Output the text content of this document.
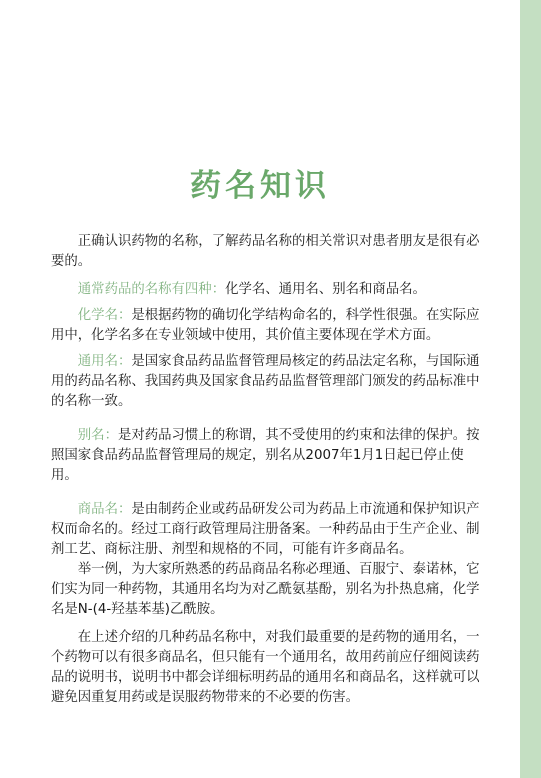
药名知识

正确认识药物的名称，了解药品名称的相关常识对患者朋友是很有必要的。

通常药品的名称有四种：化学名、通用名、别名和商品名。

化学名：是根据药物的确切化学结构命名的，科学性很强。在实际应用中，化学名多在专业领域中使用，其价值主要体现在学术方面。

通用名：是国家食品药品监督管理局核定的药品法定名称，与国际通用的药品名称、我国药典及国家食品药品监督管理部门颁发的药品标准中的名称一致。

别名：是对药品习惯上的称谓，其不受使用的约束和法律的保护。按照国家食品药品监督管理局的规定，别名从2007年1月1日起已停止使用。

商品名：是由制药企业或药品研发公司为药品上市流通和保护知识产权而命名的。经过工商行政管理局注册备案。一种药品由于生产企业、制剂工艺、商标注册、剂型和规格的不同，可能有许多商品名。

举一例，为大家所熟悉的药品商品名称必理通、百服宁、泰诺林，它们实为同一种药物，其通用名均为对乙酰氨基酚，别名为扑热息痛，化学名是N-(4-羟基苯基)乙酰胺。

在上述介绍的几种药品名称中，对我们最重要的是药物的通用名，一个药物可以有很多商品名，但只能有一个通用名，故用药前应仔细阅读药品的说明书，说明书中都会详细标明药品的通用名和商品名，这样就可以避免因重复用药或是误服药物带来的不必要的伤害。
